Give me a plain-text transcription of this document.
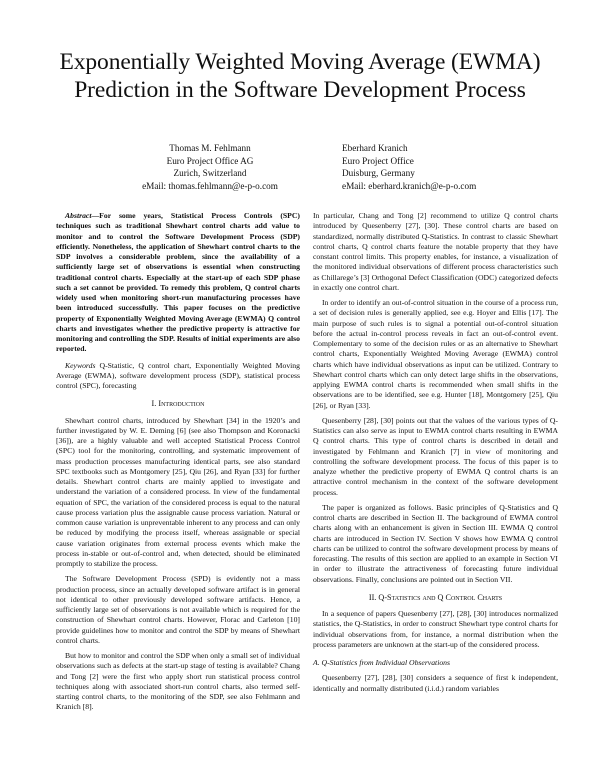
Exponentially Weighted Moving Average (EWMA) Prediction in the Software Development Process
Thomas M. Fehlmann
Euro Project Office AG
Zurich, Switzerland
eMail: thomas.fehlmann@e-p-o.com
Eberhard Kranich
Euro Project Office
Duisburg, Germany
eMail: eberhard.kranich@e-p-o.com
Abstract—For some years, Statistical Process Controls (SPC) techniques such as traditional Shewhart control charts add value to monitor and to control the Software Development Process (SDP) efficiently. Nonetheless, the application of Shewhart control charts to the SDP involves a considerable problem, since the availability of a sufficiently large set of observations is essential when constructing traditional control charts. Especially at the start-up of each SDP phase such a set cannot be provided. To remedy this problem, Q control charts widely used when monitoring short-run manufacturing processes have been introduced successfully. This paper focuses on the predictive property of Exponentially Weighted Moving Average (EWMA) Q control charts and investigates whether the predictive property is attractive for monitoring and controlling the SDP. Results of initial experiments are also reported.
Keywords Q-Statistic, Q control chart, Exponentially Weighted Moving Average (EWMA), software development process (SDP), statistical process control (SPC), forecasting
I. Introduction

Shewhart control charts, introduced by Shewhart [34] in the 1920’s and further investigated by W. E. Deming [6] (see also Thompson and Koronacki [36]), are a highly valuable and well accepted Statistical Process Control (SPC) tool for the monitoring, controlling, and systematic improvement of mass production processes manufacturing identical parts, see also standard SPC textbooks such as Montgomery [25], Qiu [26], and Ryan [33] for further details. Shewhart control charts are mainly applied to investigate and understand the variation of a considered process. In view of the fundamental equation of SPC, the variation of the considered process is equal to the natural cause process variation plus the assignable cause process variation. Natural or common cause variation is unpreventable inherent to any process and can only be reduced by modifying the process itself, whereas assignable or special cause variation originates from external process events which make the process in-stable or out-of-control and, when detected, should be eliminated promptly to stabilize the process.

The Software Development Process (SPD) is evidently not a mass production process, since an actually developed software artifact is in general not identical to other previously developed software artifacts. Hence, a sufficiently large set of observations is not available which is required for the construction of Shewhart control charts. However, Florac and Carleton [10] provide guidelines how to monitor and control the SDP by means of Shewhart control charts.

But how to monitor and control the SDP when only a small set of individual observations such as defects at the start-up stage of testing is available? Chang and Tong [2] were the first who apply short run statistical process control techniques along with associated short-run control charts, also termed self-starting control charts, to the monitoring of the SDP, see also Fehlmann and Kranich [8].

In particular, Chang and Tong [2] recommend to utilize Q control charts introduced by Quesenberry [27], [30]. These control charts are based on standardized, normally distributed Q-Statistics. In contrast to classic Shewhart control charts, Q control charts feature the notable property that they have constant control limits. This property enables, for instance, a visualization of the monitored individual observations of different process characteristics such as Chillarege’s [3] Orthogonal Defect Classification (ODC) categorized defects in exactly one control chart.

In order to identify an out-of-control situation in the course of a process run, a set of decision rules is generally applied, see e.g. Hoyer and Ellis [17]. The main purpose of such rules is to signal a potential out-of-control situation before the actual in-control process reveals in fact an out-of-control event. Complementary to some of the decision rules or as an alternative to Shewhart control charts, Exponentially Weighted Moving Average (EWMA) control charts which have individual observations as input can be utilized. Contrary to Shewhart control charts which can only detect large shifts in the observations, applying EWMA control charts is recommended when small shifts in the observations are to be identified, see e.g. Hunter [18], Montgomery [25], Qiu [26], or Ryan [33].

Quesenberry [28], [30] points out that the values of the various types of Q-Statistics can also serve as input to EWMA control charts resulting in EWMA Q control charts. This type of control charts is described in detail and investigated by Fehlmann and Kranich [7] in view of monitoring and controlling the software development process. The focus of this paper is to analyze whether the predictive property of EWMA Q control charts is an attractive control mechanism in the context of the software development process.

The paper is organized as follows. Basic principles of Q-Statistics and Q control charts are described in Section II. The background of EWMA control charts along with an enhancement is given in Section III. EWMA Q control charts are introduced in Section IV. Section V shows how EWMA Q control charts can be utilized to control the software development process by means of forecasting. The results of this section are applied to an example in Section VI in order to illustrate the attractiveness of forecasting future individual observations. Finally, conclusions are pointed out in Section VII.

II. Q-Statistics and Q Control Charts

In a sequence of papers Quesenberry [27], [28], [30] introduces normalized statistics, the Q-Statistics, in order to construct Shewhart type control charts for individual observations from, for instance, a normal distribution when the process parameters are unknown at the start-up of the considered process.

A. Q-Statistics from Individual Observations

Quesenberry [27], [28], [30] considers a sequence of first k independent, identically and normally distributed (i.i.d.) random variables
